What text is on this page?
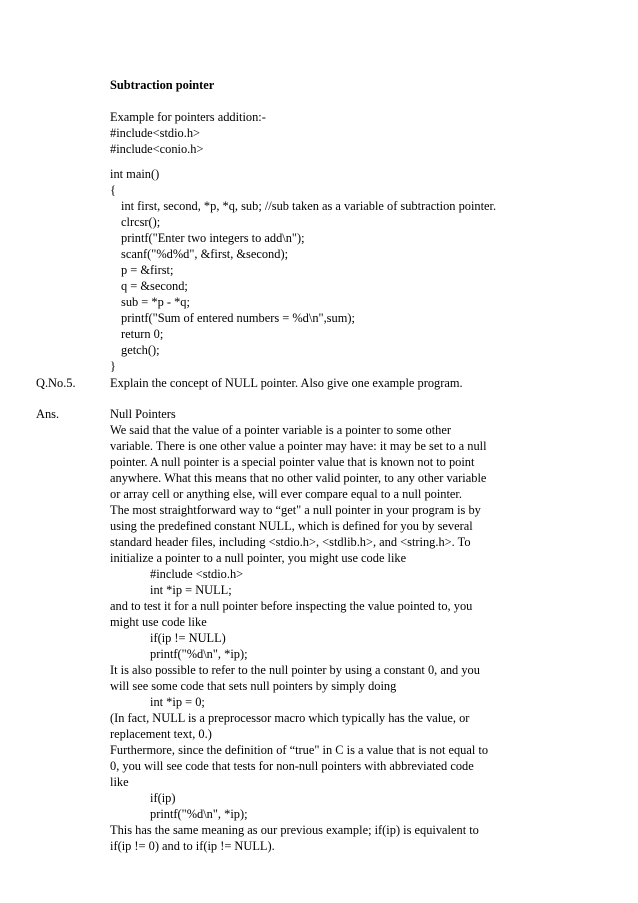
Subtraction pointer
Example for pointers addition:-
#include<stdio.h>
#include<conio.h>
int main()
{
int first, second, *p, *q, sub; //sub taken as a variable of subtraction pointer.
clrcsr();
printf("Enter two integers to add\n");
scanf("%d%d", &first, &second);
p = &first;
q = &second;
sub = *p - *q;
printf("Sum of entered numbers = %d\n",sum);
return 0;
getch();
}
Q.No.5.	Explain the concept of NULL pointer. Also give one example program.
Ans.	Null Pointers
We said that the value of a pointer variable is a pointer to some other
variable. There is one other value a pointer may have: it may be set to a null
pointer. A null pointer is a special pointer value that is known not to point
anywhere. What this means that no other valid pointer, to any other variable
or array cell or anything else, will ever compare equal to a null pointer.
The most straightforward way to “get" a null pointer in your program is by
using the predefined constant NULL, which is defined for you by several
standard header files, including <stdio.h>, <stdlib.h>, and <string.h>. To
initialize a pointer to a null pointer, you might use code like
#include <stdio.h>
int *ip = NULL;
and to test it for a null pointer before inspecting the value pointed to, you
might use code like
if(ip != NULL)
printf("%d\n", *ip);
It is also possible to refer to the null pointer by using a constant 0, and you
will see some code that sets null pointers by simply doing
int *ip = 0;
(In fact, NULL is a preprocessor macro which typically has the value, or
replacement text, 0.)
Furthermore, since the definition of “true" in C is a value that is not equal to
0, you will see code that tests for non-null pointers with abbreviated code
like
if(ip)
printf("%d\n", *ip);
This has the same meaning as our previous example; if(ip) is equivalent to
if(ip != 0) and to if(ip != NULL).
